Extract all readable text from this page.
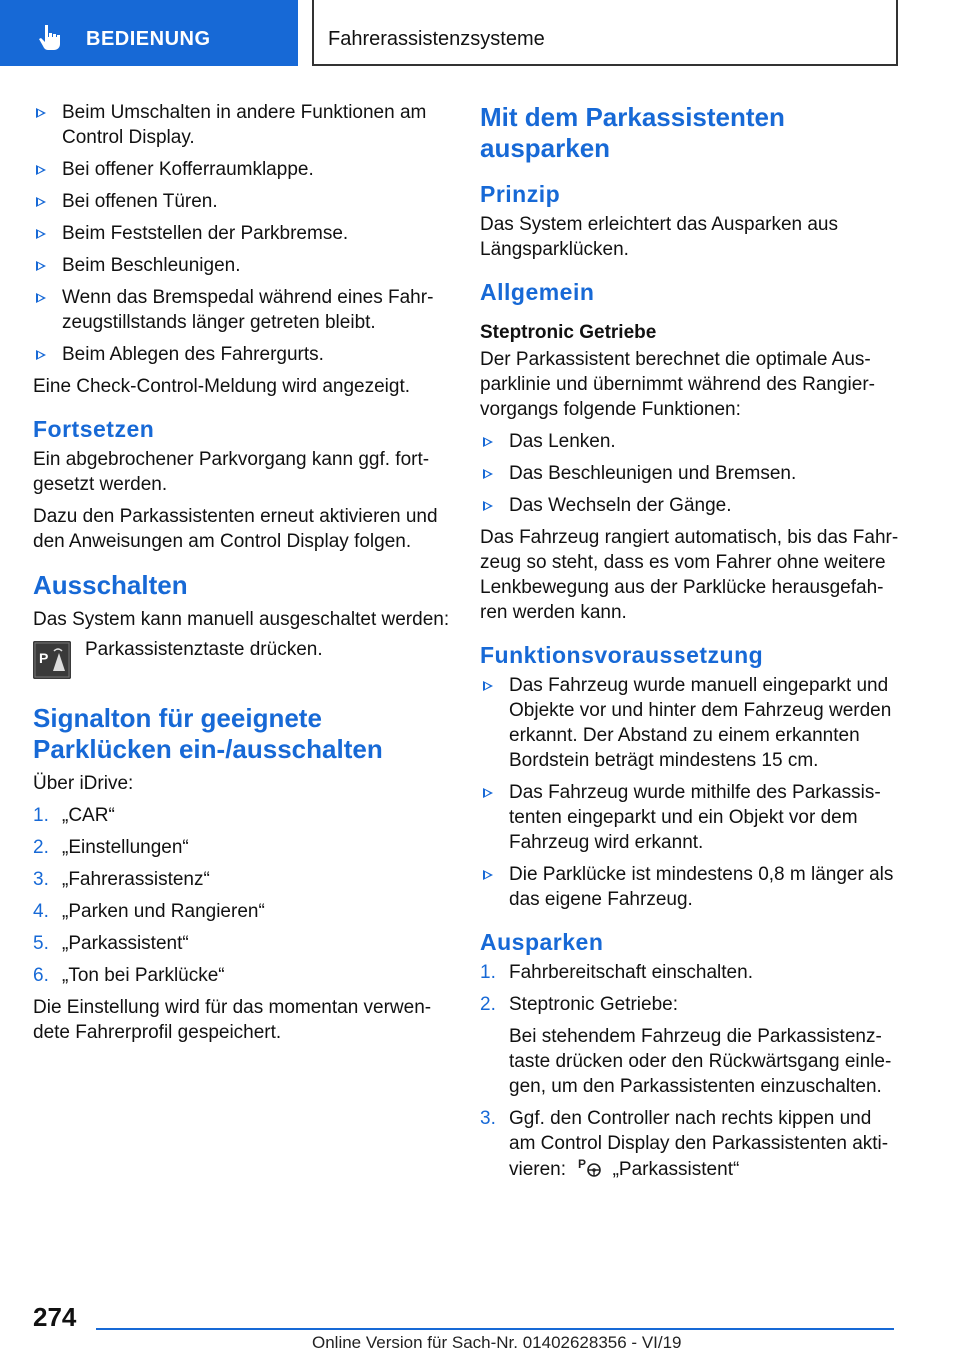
BEDIENUNG	Fahrerassistenzsysteme
Beim Umschalten in andere Funktionen am Control Display.
Bei offener Kofferraumklappe.
Bei offenen Türen.
Beim Feststellen der Parkbremse.
Beim Beschleunigen.
Wenn das Bremspedal während eines Fahr-zeugstillstands länger getreten bleibt.
Beim Ablegen des Fahrergurts.

Eine Check-Control-Meldung wird angezeigt.

Fortsetzen

Ein abgebrochener Parkvorgang kann ggf. fort-gesetzt werden.

Dazu den Parkassistenten erneut aktivieren und den Anweisungen am Control Display folgen.

Ausschalten

Das System kann manuell ausgeschaltet werden:

P Parkassistenztaste drücken.
Signalton für geeignete Parklücken ein-/ausschalten

Über iDrive:

1. „CAR“
2. „Einstellungen“
3. „Fahrerassistenz“
4. „Parken und Rangieren“
5. „Parkassistent“
6. „Ton bei Parklücke“

Die Einstellung wird für das momentan verwen-dete Fahrerprofil gespeichert.

Mit dem Parkassistenten ausparken
Prinzip

Das System erleichtert das Ausparken aus Längsparklücken.

Allgemein
Steptronic Getriebe

Der Parkassistent berechnet die optimale Aus-parklinie und übernimmt während des Rangier-vorgangs folgende Funktionen:

Das Lenken.
Das Beschleunigen und Bremsen.
Das Wechseln der Gänge.

Das Fahrzeug rangiert automatisch, bis das Fahr-zeug so steht, dass es vom Fahrer ohne weitere Lenkbewegung aus der Parklücke herausgefah-ren werden kann.

Funktionsvoraussetzung
Das Fahrzeug wurde manuell eingeparkt und Objekte vor und hinter dem Fahrzeug werden erkannt. Der Abstand zu einem erkannten Bordstein beträgt mindestens 15 cm.
Das Fahrzeug wurde mithilfe des Parkassis-tenten eingeparkt und ein Objekt vor dem Fahrzeug wird erkannt.
Die Parklücke ist mindestens 0,8 m länger als das eigene Fahrzeug.
Ausparken
1. Fahrbereitschaft einschalten.
2. Steptronic Getriebe:
Bei stehendem Fahrzeug die Parkassistenz-taste drücken oder den Rückwärtsgang einle-gen, um den Parkassistenten einzuschalten.
3. Ggf. den Controller nach rechts kippen und am Control Display den Parkassistenten akti-vieren: P „Parkassistent“
274
Online Version für Sach-Nr. 01402628356 - VI/19
